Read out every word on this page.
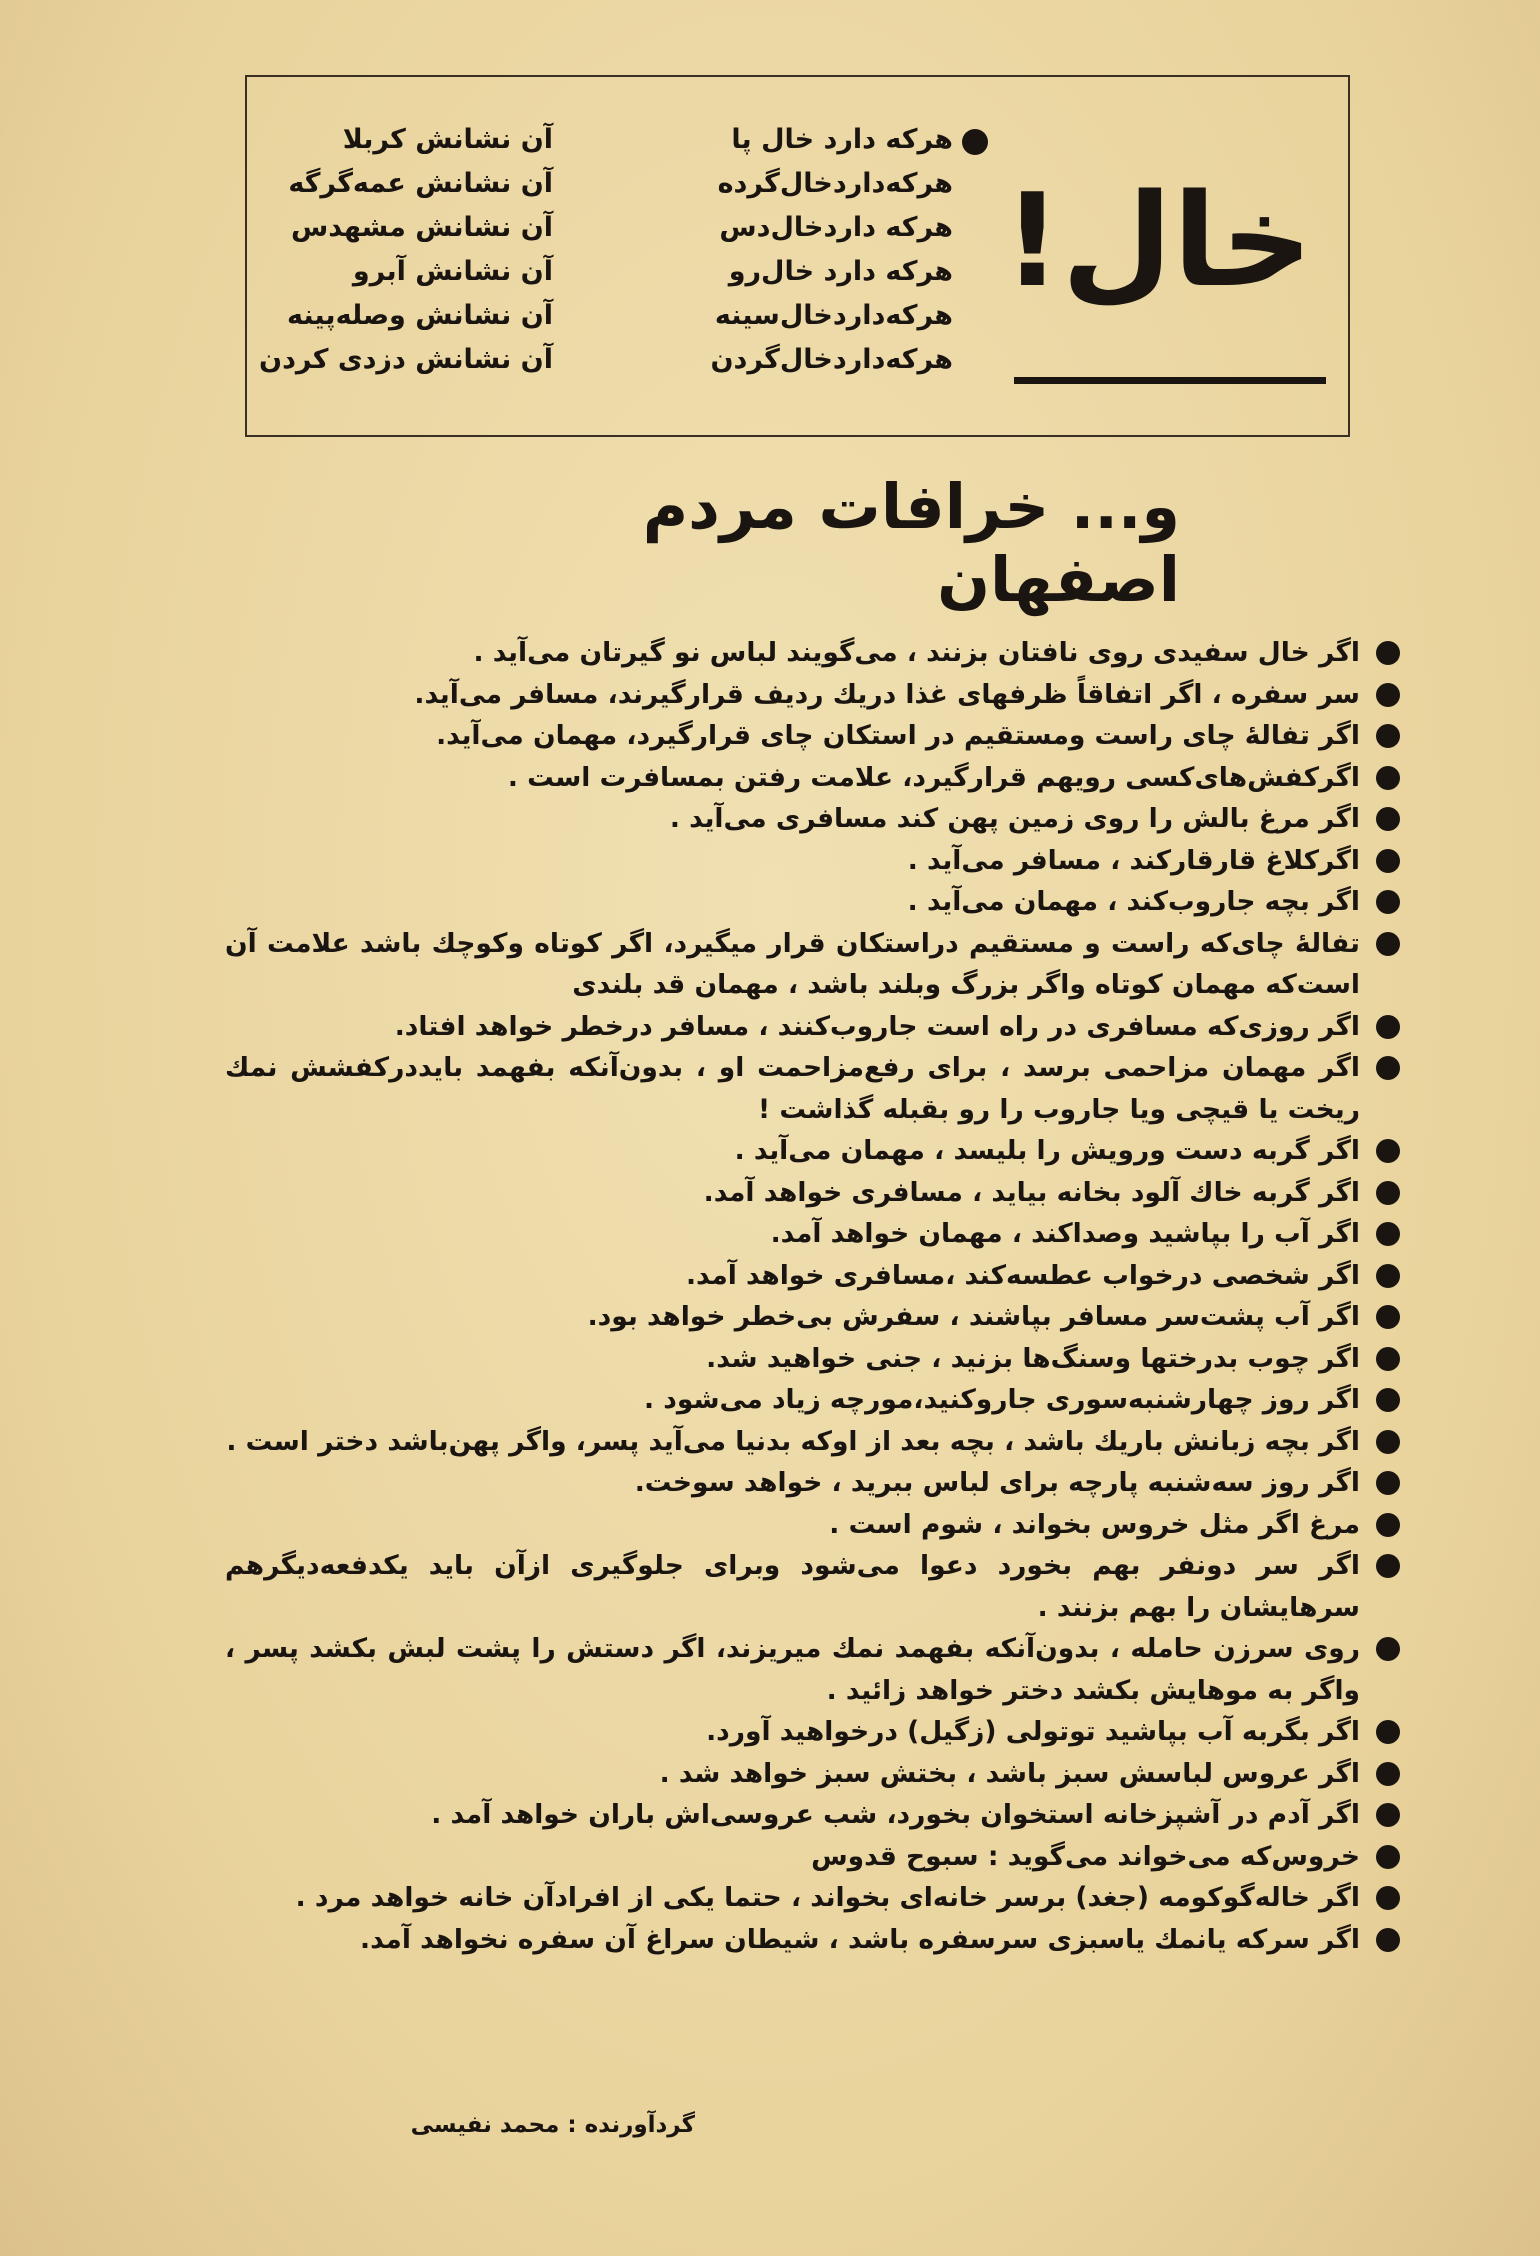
خال!
هرکه دارد خال پا
آن نشانش کربلا
هرکه‌داردخال‌گرده
آن نشانش عمه‌گرگه
هرکه داردخال‌دس
آن نشانش مشهدس
هرکه دارد خال‌رو
آن نشانش آبرو
هرکه‌داردخال‌سینه
آن نشانش وصله‌پینه
هرکه‌داردخال‌گردن
آن نشانش دزدی کردن
و... خرافات مردم اصفهان
اگر خال سفیدی روی نافتان بزنند ، می‌گویند لباس نو گیرتان می‌آید .
سر سفره ، اگر اتفاقاً ظرفهای غذا دریك ردیف قرارگیرند، مسافر می‌آید.
اگر تفالهٔ چای راست ومستقیم در استکان چای قرارگیرد، مهمان می‌آید.
اگرکفش‌های‌کسی رویهم قرارگیرد، علامت رفتن بمسافرت است .
اگر مرغ بالش را روی زمین پهن کند مسافری می‌آید .
اگرکلاغ قارقارکند ، مسافر می‌آید .
اگر بچه جاروب‌کند ، مهمان می‌آید .
تفالهٔ چای‌که راست و مستقیم دراستکان قرار میگیرد، اگر کوتاه وکوچك باشد علامت آن است‌که مهمان کوتاه واگر بزرگ وبلند باشد ، مهمان قد بلندی
اگر روزی‌که مسافری در راه است جاروب‌کنند ، مسافر درخطر خواهد افتاد.
اگر مهمان مزاحمی برسد ، برای رفع‌مزاحمت او ، بدون‌آنکه بفهمد بایددرکفشش نمك ریخت یا قیچی ویا جاروب را رو بقبله گذاشت !
اگر گربه دست ورویش را بلیسد ، مهمان می‌آید .
اگر گربه خاك آلود بخانه بیاید ، مسافری خواهد آمد.
اگر آب را بپاشید وصداکند ، مهمان خواهد آمد.
اگر شخصی درخواب عطسه‌کند ،مسافری خواهد آمد.
اگر آب پشت‌سر مسافر بپاشند ، سفرش بی‌خطر خواهد بود.
اگر چوب بدرختها وسنگ‌ها بزنید ، جنی خواهید شد.
اگر روز چهارشنبه‌سوری جاروکنید،مورچه زیاد می‌شود .
اگر بچه زبانش باریك باشد ، بچه بعد از اوکه بدنیا می‌آید پسر، واگر پهن‌باشد دختر است .
اگر روز سه‌شنبه پارچه برای لباس ببرید ، خواهد سوخت.
مرغ اگر مثل خروس بخواند ، شوم است .
اگر سر دونفر بهم بخورد دعوا می‌شود وبرای جلوگیری ازآن باید یکدفعه‌دیگرهم سرهایشان را بهم بزنند .
روی سرزن حامله ، بدون‌آنکه بفهمد نمك میریزند، اگر دستش را پشت لبش بکشد پسر ، واگر به موهایش بکشد دختر خواهد زائید .
اگر بگربه آب بپاشید توتولی (زگیل) درخواهید آورد.
اگر عروس لباسش سبز باشد ، بختش سبز خواهد شد .
اگر آدم در آشپزخانه استخوان بخورد، شب عروسی‌اش باران خواهد آمد .
خروس‌که می‌خواند می‌گوید : سبوح قدوس
اگر خاله‌گوکومه (جغد) برسر خانه‌ای بخواند ، حتما یکی از افرادآن خانه خواهد مرد .
اگر سرکه یانمك یاسبزی سرسفره باشد ، شیطان سراغ آن سفره نخواهد آمد.
گردآورنده : محمد نفیسی
